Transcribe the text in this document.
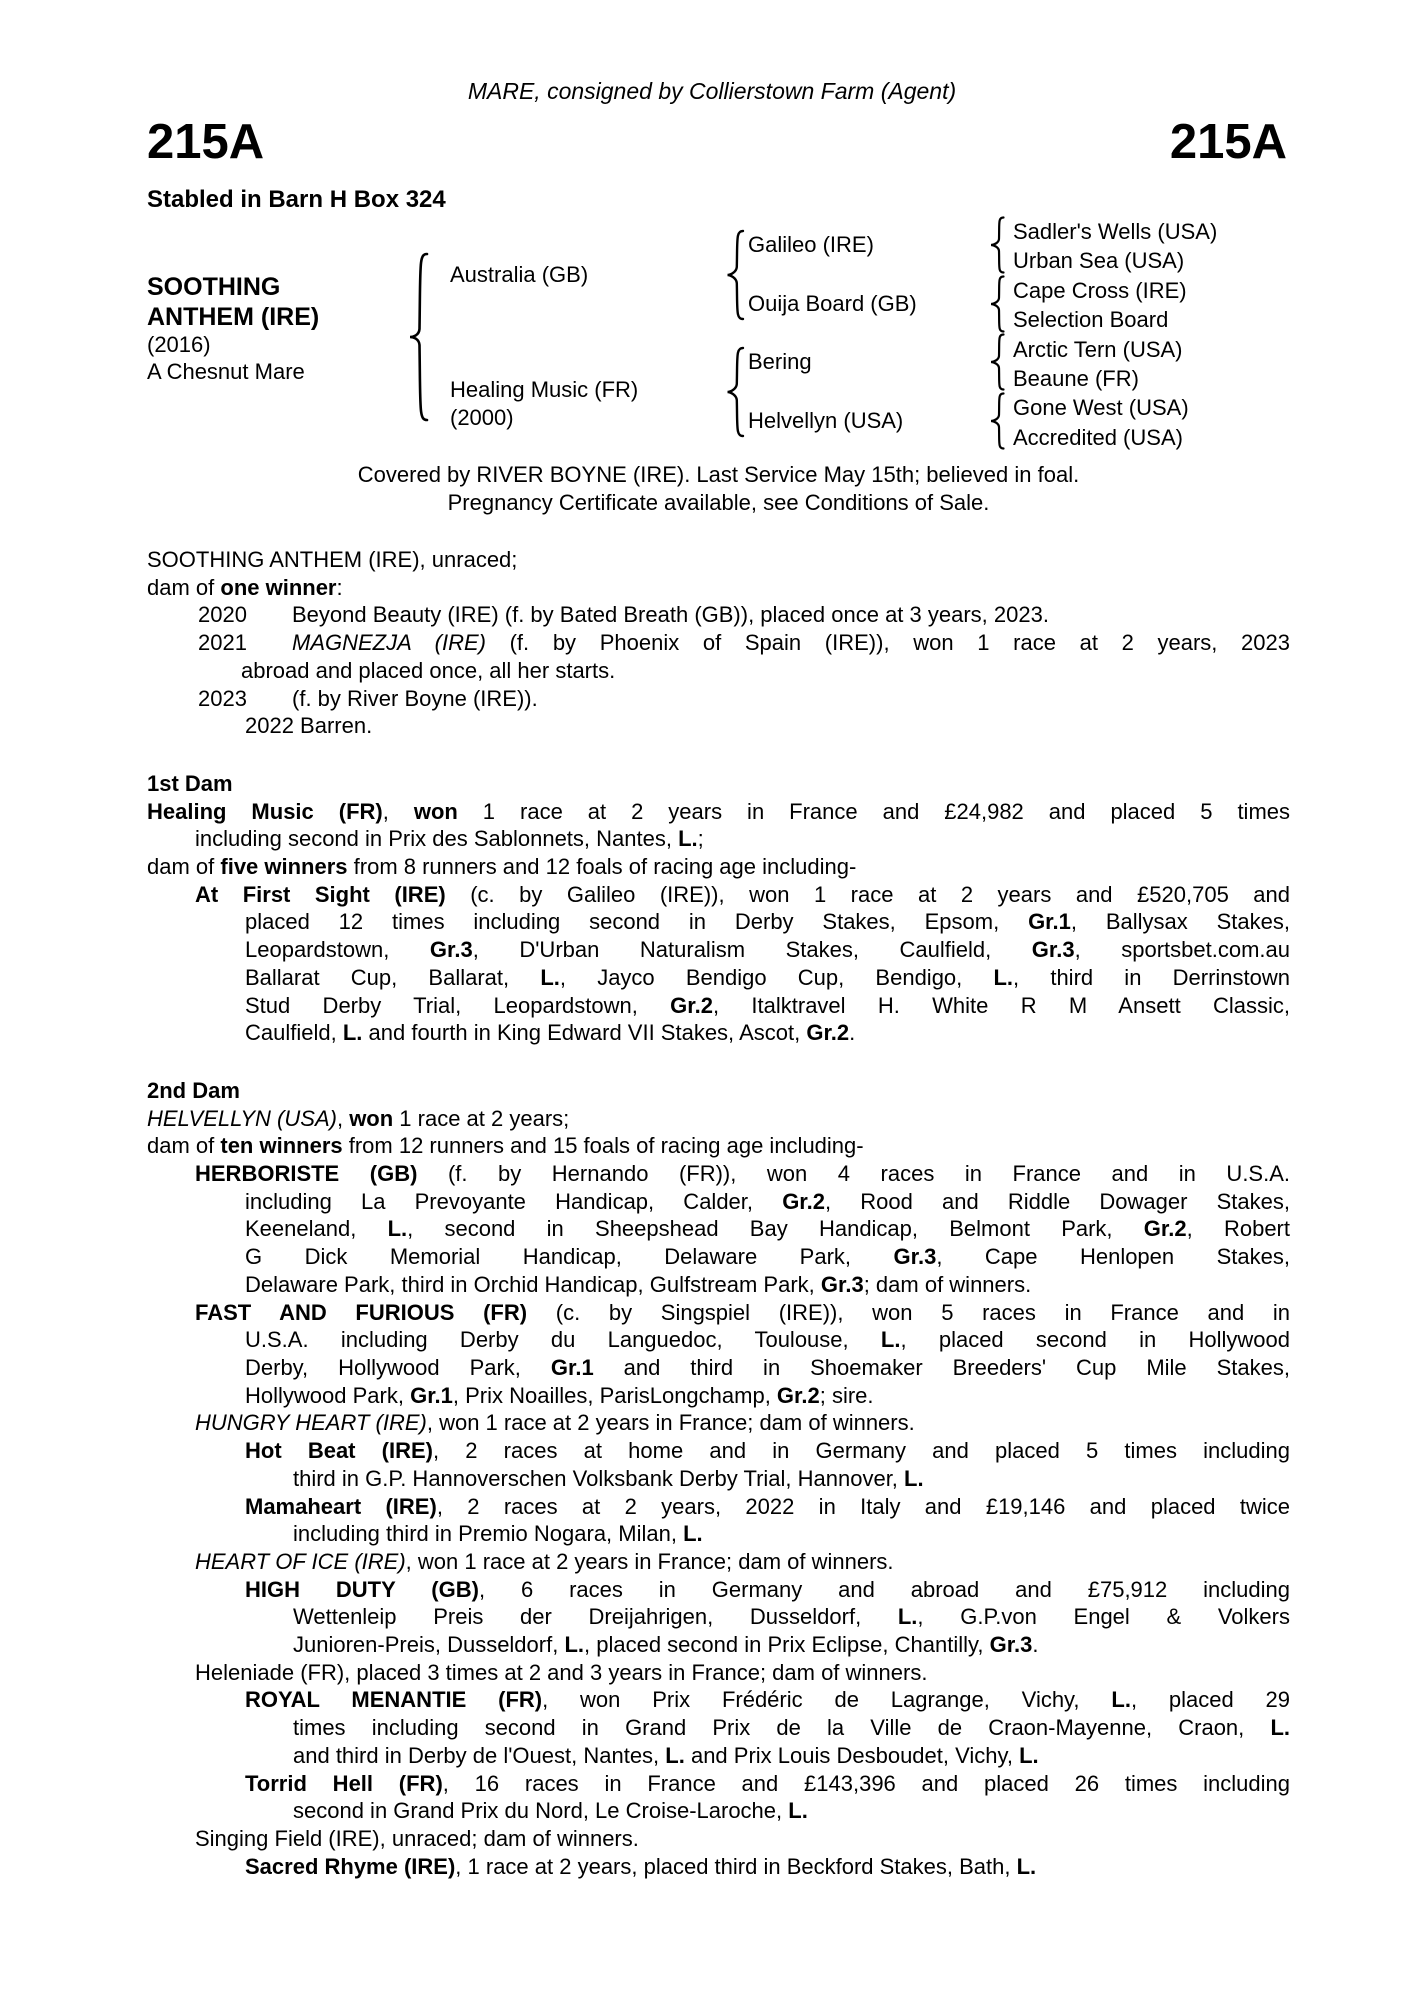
MARE, consigned by Collierstown Farm (Agent)
215A	215A
Stabled in Barn H Box 324
SOOTHING
ANTHEM (IRE)
(2016)
A Chesnut Mare
Australia (GB)
Healing Music (FR)
(2000)
Galileo (IRE)
Ouija Board (GB)
Bering
Helvellyn (USA)
Sadler's Wells (USA)
Urban Sea (USA)
Cape Cross (IRE)
Selection Board
Arctic Tern (USA)
Beaune (FR)
Gone West (USA)
Accredited (USA)
Covered by RIVER BOYNE (IRE). Last Service May 15th; believed in foal.
Pregnancy Certificate available, see Conditions of Sale.
SOOTHING ANTHEM (IRE), unraced;
dam of one winner:
2020 Beyond Beauty (IRE) (f. by Bated Breath (GB)), placed once at 3 years, 2023.
2021 MAGNEZJA (IRE) (f. by Phoenix of Spain (IRE)), won 1 race at 2 years, 2023
abroad and placed once, all her starts.
2023 (f. by River Boyne (IRE)).
2022 Barren.
1st Dam
Healing Music (FR), won 1 race at 2 years in France and £24,982 and placed 5 times
including second in Prix des Sablonnets, Nantes, L.;
dam of five winners from 8 runners and 12 foals of racing age including-
At First Sight (IRE) (c. by Galileo (IRE)), won 1 race at 2 years and £520,705 and
placed 12 times including second in Derby Stakes, Epsom, Gr.1, Ballysax Stakes,
Leopardstown, Gr.3, D'Urban Naturalism Stakes, Caulfield, Gr.3, sportsbet.com.au
Ballarat Cup, Ballarat, L., Jayco Bendigo Cup, Bendigo, L., third in Derrinstown
Stud Derby Trial, Leopardstown, Gr.2, Italktravel H. White R M Ansett Classic,
Caulfield, L. and fourth in King Edward VII Stakes, Ascot, Gr.2.
2nd Dam
HELVELLYN (USA), won 1 race at 2 years;
dam of ten winners from 12 runners and 15 foals of racing age including-
HERBORISTE (GB) (f. by Hernando (FR)), won 4 races in France and in U.S.A.
including La Prevoyante Handicap, Calder, Gr.2, Rood and Riddle Dowager Stakes,
Keeneland, L., second in Sheepshead Bay Handicap, Belmont Park, Gr.2, Robert
G Dick Memorial Handicap, Delaware Park, Gr.3, Cape Henlopen Stakes,
Delaware Park, third in Orchid Handicap, Gulfstream Park, Gr.3; dam of winners.
FAST AND FURIOUS (FR) (c. by Singspiel (IRE)), won 5 races in France and in
U.S.A. including Derby du Languedoc, Toulouse, L., placed second in Hollywood
Derby, Hollywood Park, Gr.1 and third in Shoemaker Breeders' Cup Mile Stakes,
Hollywood Park, Gr.1, Prix Noailles, ParisLongchamp, Gr.2; sire.
HUNGRY HEART (IRE), won 1 race at 2 years in France; dam of winners.
Hot Beat (IRE), 2 races at home and in Germany and placed 5 times including
third in G.P. Hannoverschen Volksbank Derby Trial, Hannover, L.
Mamaheart (IRE), 2 races at 2 years, 2022 in Italy and £19,146 and placed twice
including third in Premio Nogara, Milan, L.
HEART OF ICE (IRE), won 1 race at 2 years in France; dam of winners.
HIGH DUTY (GB), 6 races in Germany and abroad and £75,912 including
Wettenleip Preis der Dreijahrigen, Dusseldorf, L., G.P.von Engel & Volkers
Junioren-Preis, Dusseldorf, L., placed second in Prix Eclipse, Chantilly, Gr.3.
Heleniade (FR), placed 3 times at 2 and 3 years in France; dam of winners.
ROYAL MENANTIE (FR), won Prix Frédéric de Lagrange, Vichy, L., placed 29
times including second in Grand Prix de la Ville de Craon-Mayenne, Craon, L.
and third in Derby de l'Ouest, Nantes, L. and Prix Louis Desboudet, Vichy, L.
Torrid Hell (FR), 16 races in France and £143,396 and placed 26 times including
second in Grand Prix du Nord, Le Croise-Laroche, L.
Singing Field (IRE), unraced; dam of winners.
Sacred Rhyme (IRE), 1 race at 2 years, placed third in Beckford Stakes, Bath, L.
